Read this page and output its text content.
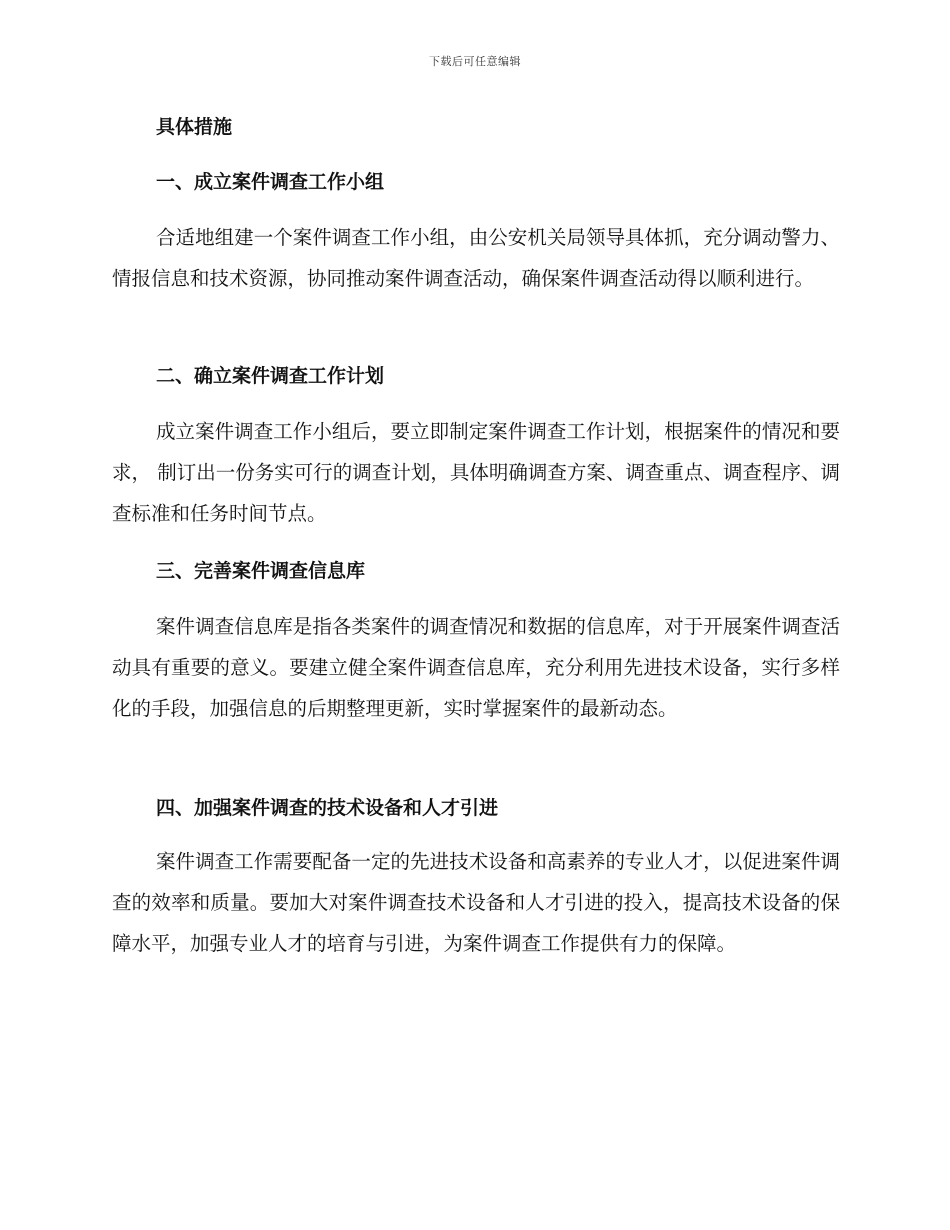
下载后可任意编辑
具体措施
一、成立案件调查工作小组
合适地组建一个案件调查工作小组，由公安机关局领导具体抓，充分调动警力、情报信息和技术资源，协同推动案件调查活动，确保案件调查活动得以顺利进行。
二、确立案件调查工作计划
成立案件调查工作小组后，要立即制定案件调查工作计划，根据案件的情况和要求， 制订出一份务实可行的调查计划，具体明确调查方案、调查重点、调查程序、调查标准和任务时间节点。
三、完善案件调查信息库
案件调查信息库是指各类案件的调查情况和数据的信息库，对于开展案件调查活动具有重要的意义。要建立健全案件调查信息库，充分利用先进技术设备，实行多样化的手段，加强信息的后期整理更新，实时掌握案件的最新动态。
四、加强案件调查的技术设备和人才引进
案件调查工作需要配备一定的先进技术设备和高素养的专业人才，以促进案件调查的效率和质量。要加大对案件调查技术设备和人才引进的投入，提高技术设备的保障水平，加强专业人才的培育与引进，为案件调查工作提供有力的保障。
